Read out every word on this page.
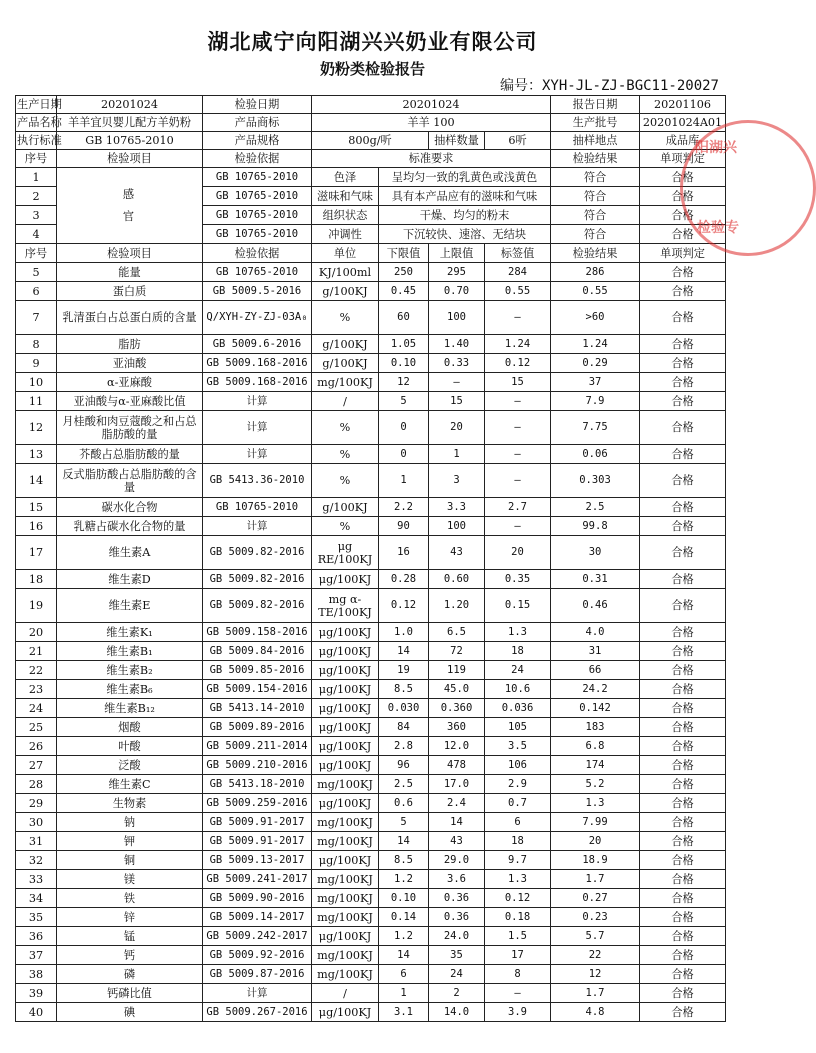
湖北咸宁向阳湖兴兴奶业有限公司
奶粉类检验报告
编号：XYH-JL-ZJ-BGC11-20027
生产日期	20201024	检验日期	20201024				报告日期	20201106
产品名称	羊羊宜贝婴儿配方羊奶粉	产品商标	羊羊 100				生产批号	20201024A01
执行标准	GB 10765-2010	产品规格	800g/听		抽样数量	6听	抽样地点	成品库
序号	检验项目	检验依据	标准要求				检验结果	单项判定
1	感官	GB 10765-2010	色泽	呈均匀一致的乳黄色或浅黄色			符合	合格
2		GB 10765-2010	滋味和气味	具有本产品应有的滋味和气味			符合	合格
3		GB 10765-2010	组织状态	干燥、均匀的粉末			符合	合格
4		GB 10765-2010	冲调性	下沉较快、速溶、无结块			符合	合格
序号	检验项目	检验依据	单位	下限值	上限值	标签值	检验结果	单项判定
5	能量	GB 10765-2010	KJ/100ml	250	295	284	286	合格
6	蛋白质	GB 5009.5-2016	g/100KJ	0.45	0.70	0.55	0.55	合格
7	乳清蛋白占总蛋白质的含量	Q/XYH-ZY-ZJ-03A₀	%	60	100	–	>60	合格
8	脂肪	GB 5009.6-2016	g/100KJ	1.05	1.40	1.24	1.24	合格
9	亚油酸	GB 5009.168-2016	g/100KJ	0.10	0.33	0.12	0.29	合格
10	α-亚麻酸	GB 5009.168-2016	mg/100KJ	12	–	15	37	合格
11	亚油酸与α-亚麻酸比值	计算	/	5	15	–	7.9	合格
12	月桂酸和肉豆蔻酸之和占总脂肪酸的量	计算	%	0	20	–	7.75	合格
13	芥酸占总脂肪酸的量	计算	%	0	1	–	0.06	合格
14	反式脂肪酸占总脂肪酸的含量	GB 5413.36-2010	%	1	3	–	0.303	合格
15	碳水化合物	GB 10765-2010	g/100KJ	2.2	3.3	2.7	2.5	合格
16	乳糖占碳水化合物的量	计算	%	90	100	–	99.8	合格
17	维生素A	GB 5009.82-2016	μg RE/100KJ	16	43	20	30	合格
18	维生素D	GB 5009.82-2016	μg/100KJ	0.28	0.60	0.35	0.31	合格
19	维生素E	GB 5009.82-2016	mg α-TE/100KJ	0.12	1.20	0.15	0.46	合格
20	维生素K₁	GB 5009.158-2016	μg/100KJ	1.0	6.5	1.3	4.0	合格
21	维生素B₁	GB 5009.84-2016	μg/100KJ	14	72	18	31	合格
22	维生素B₂	GB 5009.85-2016	μg/100KJ	19	119	24	66	合格
23	维生素B₆	GB 5009.154-2016	μg/100KJ	8.5	45.0	10.6	24.2	合格
24	维生素B₁₂	GB 5413.14-2010	μg/100KJ	0.030	0.360	0.036	0.142	合格
25	烟酸	GB 5009.89-2016	μg/100KJ	84	360	105	183	合格
26	叶酸	GB 5009.211-2014	μg/100KJ	2.8	12.0	3.5	6.8	合格
27	泛酸	GB 5009.210-2016	μg/100KJ	96	478	106	174	合格
28	维生素C	GB 5413.18-2010	mg/100KJ	2.5	17.0	2.9	5.2	合格
29	生物素	GB 5009.259-2016	μg/100KJ	0.6	2.4	0.7	1.3	合格
30	钠	GB 5009.91-2017	mg/100KJ	5	14	6	7.99	合格
31	钾	GB 5009.91-2017	mg/100KJ	14	43	18	20	合格
32	铜	GB 5009.13-2017	μg/100KJ	8.5	29.0	9.7	18.9	合格
33	镁	GB 5009.241-2017	mg/100KJ	1.2	3.6	1.3	1.7	合格
34	铁	GB 5009.90-2016	mg/100KJ	0.10	0.36	0.12	0.27	合格
35	锌	GB 5009.14-2017	mg/100KJ	0.14	0.36	0.18	0.23	合格
36	锰	GB 5009.242-2017	μg/100KJ	1.2	24.0	1.5	5.7	合格
37	钙	GB 5009.92-2016	mg/100KJ	14	35	17	22	合格
38	磷	GB 5009.87-2016	mg/100KJ	6	24	8	12	合格
39	钙磷比值	计算	/	1	2	–	1.7	合格
40	碘	GB 5009.267-2016	μg/100KJ	3.1	14.0	3.9	4.8	合格
阳湖兴
检验专
